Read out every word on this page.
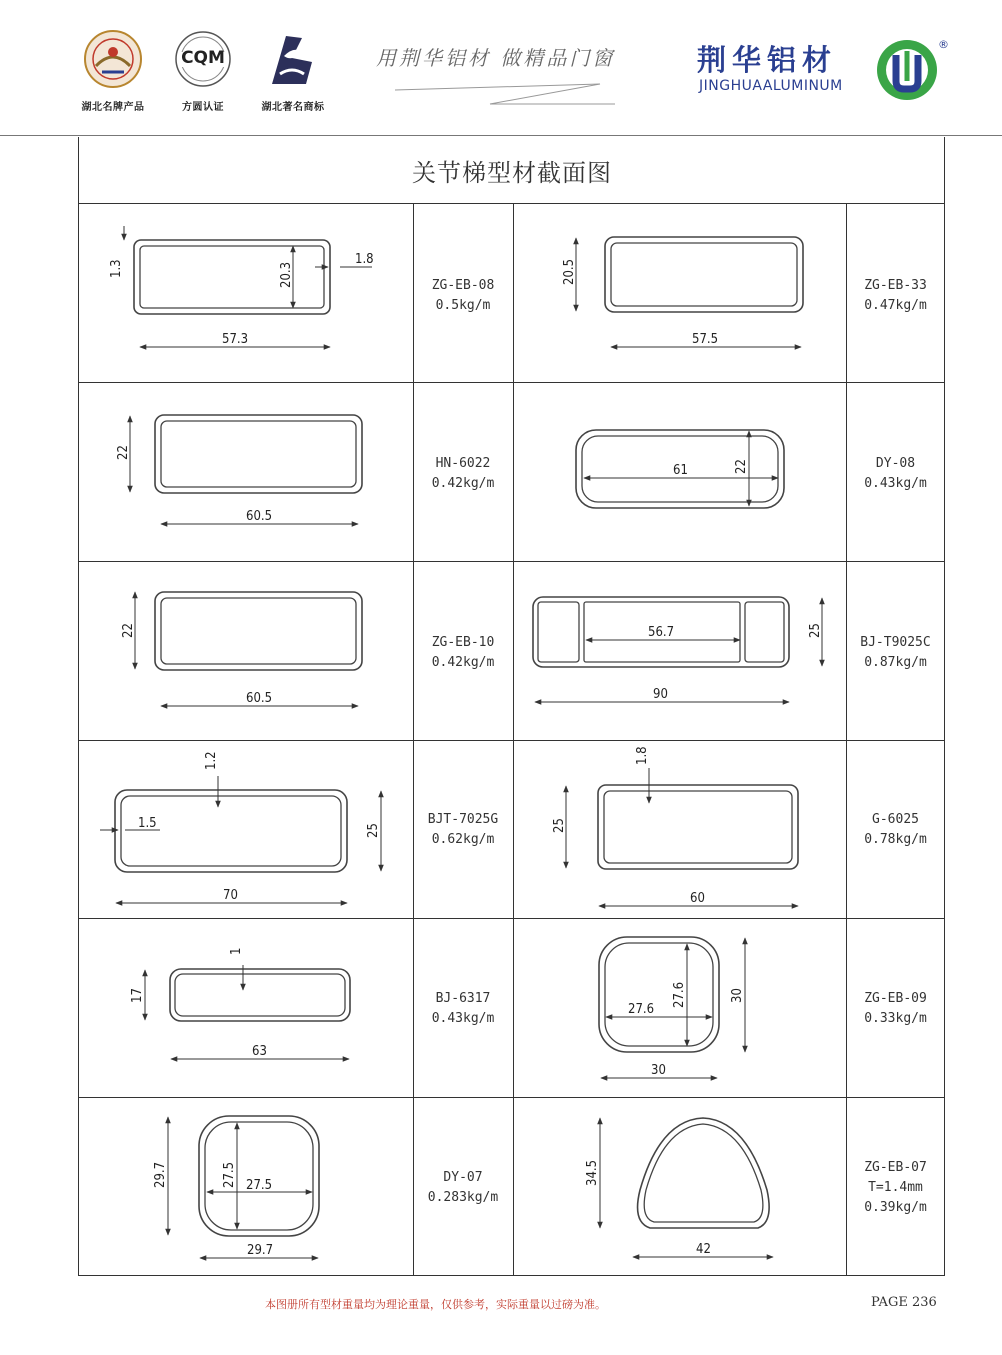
湖北名牌产品
CQM
方圆认证	湖北著名商标
用荆华铝材 做精品门窗	荆华铝材
JINGHUAALUMINUM
®
关节梯型材截面图
ZG-EB-08
0.5kg/m
ZG-EB-33
0.47kg/m
HN-6022
0.42kg/m
DY-08
0.43kg/m
ZG-EB-10
0.42kg/m
BJ-T9025C
0.87kg/m
BJT-7025G
0.62kg/m
G-6025
0.78kg/m
BJ-6317
0.43kg/m
ZG-EB-09
0.33kg/m
DY-07
0.283kg/m
ZG-EB-07
T=1.4mm
0.39kg/m
57.3
20.3
1.3	1.8
57.5
20.5
60.5
22
61	22
60.5
22	56.7	25
90
70
25
1.2
1.5
60
25
1.8
63
17
1
30
30
27.6
27.6
29.7
29.7	27.5 27.5
42
34.5
本图册所有型材重量均为理论重量，仅供参考，实际重量以过磅为准。	PAGE 236
